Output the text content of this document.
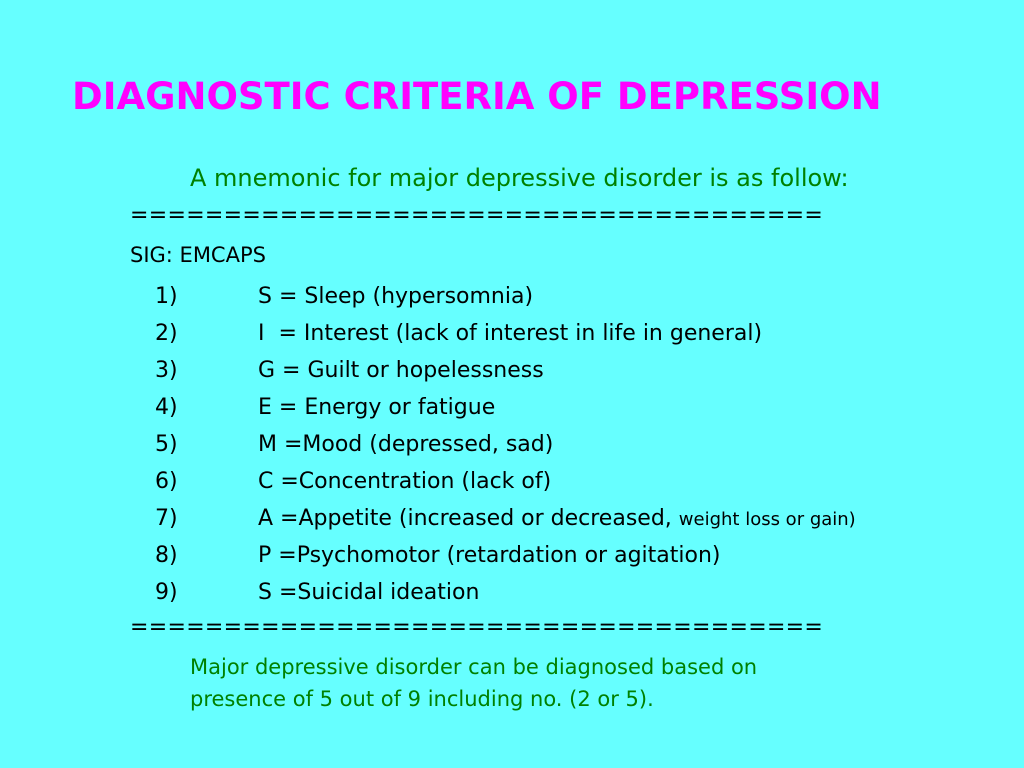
DIAGNOSTIC CRITERIA OF DEPRESSION
A mnemonic for major depressive disorder is as follow:
=====================================
SIG: EMCAPS
1)	S = Sleep (hypersomnia)
2)	I  = Interest (lack of interest in life in general)
3)	G = Guilt or hopelessness
4)	E = Energy or fatigue
5)	M =Mood (depressed, sad)
6)	C =Concentration (lack of)
7)	A =Appetite (increased or decreased, weight loss or gain)
8)	P =Psychomotor (retardation or agitation)
9)	S =Suicidal ideation
=====================================
Major depressive disorder can be diagnosed based on
presence of 5 out of 9 including no. (2 or 5).
